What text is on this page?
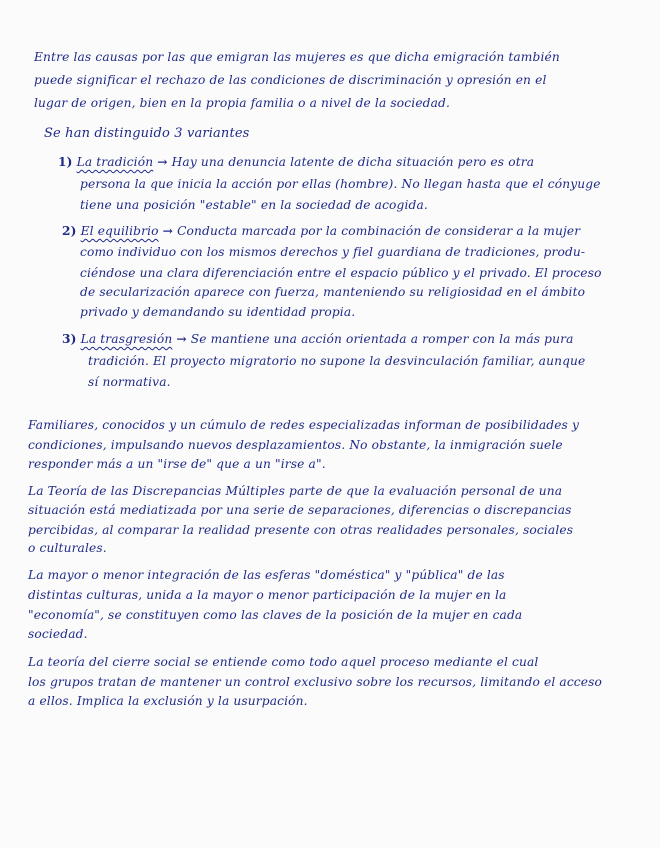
Entre las causas por las que emigran las mujeres es que dicha emigración también
puede significar el rechazo de las condiciones de discriminación y opresión en el
lugar de origen, bien en la propia familia o a nivel de la sociedad.
Se han distinguido 3 variantes
1) La tradición → Hay una denuncia latente de dicha situación pero es otra
persona la que inicia la acción por ellas (hombre). No llegan hasta que el cónyuge
tiene una posición "estable" en la sociedad de acogida.
2) El equilibrio → Conducta marcada por la combinación de considerar a la mujer
como individuo con los mismos derechos y fiel guardiana de tradiciones, produ-
ciéndose una clara diferenciación entre el espacio público y el privado. El proceso
de secularización aparece con fuerza, manteniendo su religiosidad en el ámbito
privado y demandando su identidad propia.
3) La trasgresión → Se mantiene una acción orientada a romper con la más pura
tradición. El proyecto migratorio no supone la desvinculación familiar, aunque
sí normativa.
Familiares, conocidos y un cúmulo de redes especializadas informan de posibilidades y
condiciones, impulsando nuevos desplazamientos. No obstante, la inmigración suele
responder más a un "irse de" que a un "irse a".
La Teoría de las Discrepancias Múltiples parte de que la evaluación personal de una
situación está mediatizada por una serie de separaciones, diferencias o discrepancias
percibidas, al comparar la realidad presente con otras realidades personales, sociales
o culturales.
La mayor o menor integración de las esferas "doméstica" y "pública" de las
distintas culturas, unida a la mayor o menor participación de la mujer en la
"economía", se constituyen como las claves de la posición de la mujer en cada
sociedad.
La teoría del cierre social se entiende como todo aquel proceso mediante el cual
los grupos tratan de mantener un control exclusivo sobre los recursos, limitando el acceso
a ellos. Implica la exclusión y la usurpación.
